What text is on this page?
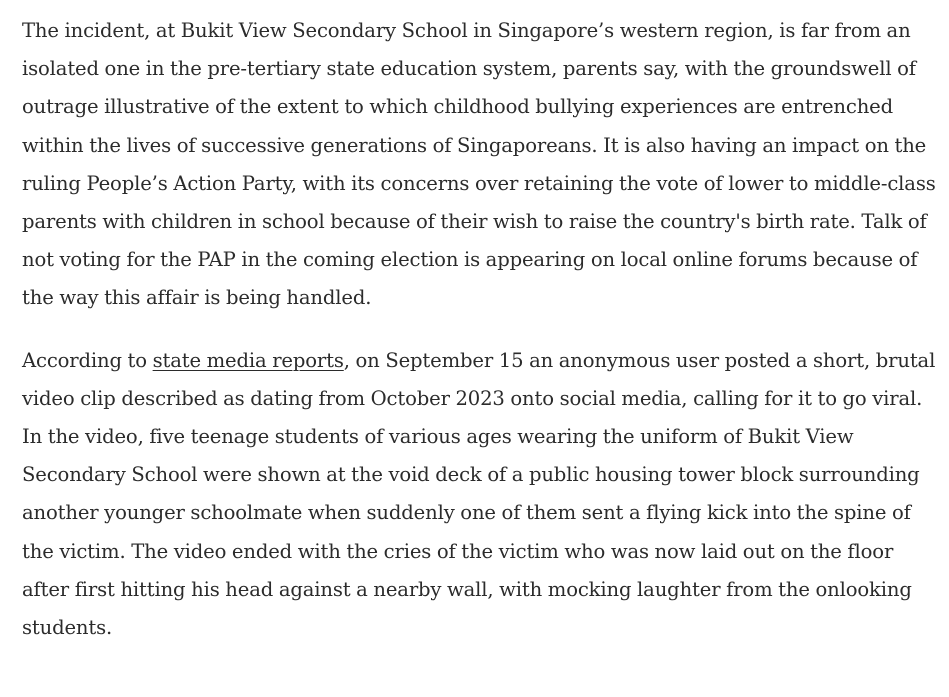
The incident, at Bukit View Secondary School in Singapore’s western region, is far from an isolated one in the pre-tertiary state education system, parents say, with the groundswell of outrage illustrative of the extent to which childhood bullying experiences are entrenched within the lives of successive generations of Singaporeans. It is also having an impact on the ruling People’s Action Party, with its concerns over retaining the vote of lower to middle-class parents with children in school because of their wish to raise the country's birth rate. Talk of not voting for the PAP in the coming election is appearing on local online forums because of the way this affair is being handled.

According to state media reports, on September 15 an anonymous user posted a short, brutal video clip described as dating from October 2023 onto social media, calling for it to go viral. In the video, five teenage students of various ages wearing the uniform of Bukit View Secondary School were shown at the void deck of a public housing tower block surrounding another younger schoolmate when suddenly one of them sent a flying kick into the spine of the victim. The video ended with the cries of the victim who was now laid out on the floor after first hitting his head against a nearby wall, with mocking laughter from the onlooking students.
